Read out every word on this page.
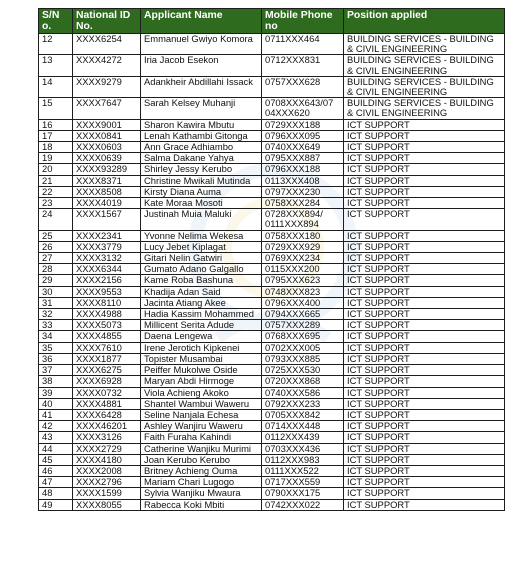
S/N o.	National ID No.	Applicant Name	Mobile Phone no	Position applied
12	XXXX6254	Emmanuel Gwiyo Komora	0711XXX464	BUILDING SERVICES - BUILDING & CIVIL ENGINEERING
13	XXXX4272	Iria Jacob Esekon	0712XXX831	BUILDING SERVICES - BUILDING & CIVIL ENGINEERING
14	XXXX9279	Adankheir Abdillahi Issack	0757XXX628	BUILDING SERVICES - BUILDING & CIVIL ENGINEERING
15	XXXX7647	Sarah Kelsey Muhanji	0708XXX643/07 04XXX620	BUILDING SERVICES - BUILDING & CIVIL ENGINEERING
16	XXXX9001	Sharon Kawira Mbutu	0729XXX188	ICT SUPPORT
17	XXXX0841	Lenah Kathambi Gitonga	0796XXX095	ICT SUPPORT
18	XXXX0603	Ann Grace Adhiambo	0740XXX649	ICT SUPPORT
19	XXXX0639	Salma Dakane Yahya	0795XXX887	ICT SUPPORT
20	XXXX93289	Shirley Jessy Kerubo	0796XXX188	ICT SUPPORT
21	XXXX8371	Christine Mwikali Mutinda	0113XXX408	ICT SUPPORT
22	XXXX8508	Kirsty Diana Auma	0797XXX230	ICT SUPPORT
23	XXXX4019	Kate Moraa Mosoti	0758XXX284	ICT SUPPORT
24	XXXX1567	Justinah Muia Maluki	0728XXX894/ 0111XXX894	ICT SUPPORT
25	XXXX2341	Yvonne Nelima Wekesa	0758XXX180	ICT SUPPORT
26	XXXX3779	Lucy Jebet Kiplagat	0729XXX929	ICT SUPPORT
27	XXXX3132	Gitari Nelin Gatwiri	0769XXX234	ICT SUPPORT
28	XXXX6344	Gumato Adano Galgallo	0115XXX200	ICT SUPPORT
29	XXXX2156	Kame Roba Bashuna	0795XXX623	ICT SUPPORT
30	XXXX9553	Khadija Adan Said	0748XXX823	ICT SUPPORT
31	XXXX8110	Jacinta Atiang Akee	0796XXX400	ICT SUPPORT
32	XXXX4988	Hadia Kassim Mohammed	0794XXX665	ICT SUPPORT
33	XXXX5073	Millicent Serita Adude	0757XXX289	ICT SUPPORT
34	XXXX4855	Daena Lengewa	0768XXX695	ICT SUPPORT
35	XXXX7610	Irene Jerotich Kipkenei	0702XXX005	ICT SUPPORT
36	XXXX1877	Topister Musambai	0793XXX885	ICT SUPPORT
37	XXXX6275	Peiffer Mukolwe Oside	0725XXX530	ICT SUPPORT
38	XXXX6928	Maryan Abdi Hirmoge	0720XXX868	ICT SUPPORT
39	XXXX0732	Viola Achieng Akoko	0740XXX586	ICT SUPPORT
40	XXXX4881	Shantel Wambui Waweru	0792XXX233	ICT SUPPORT
41	XXXX6428	Seline Nanjala Echesa	0705XXX842	ICT SUPPORT
42	XXXX46201	Ashley Wanjiru Waweru	0714XXX448	ICT SUPPORT
43	XXXX3126	Faith Furaha Kahindi	0112XXX439	ICT SUPPORT
44	XXXX2729	Catherine Wanjiku Murimi	0703XXX436	ICT SUPPORT
45	XXXX4180	Joan Kerubo Kerubo	0112XXX983	ICT SUPPORT
46	XXXX2008	Britney Achieng Ouma	0111XXX522	ICT SUPPORT
47	XXXX2796	Mariam Chari Lugogo	0717XXX559	ICT SUPPORT
48	XXXX1599	Sylvia Wanjiku Mwaura	0790XXX175	ICT SUPPORT
49	XXXX8055	Rabecca Koki Mbiti	0742XXX022	ICT SUPPORT
